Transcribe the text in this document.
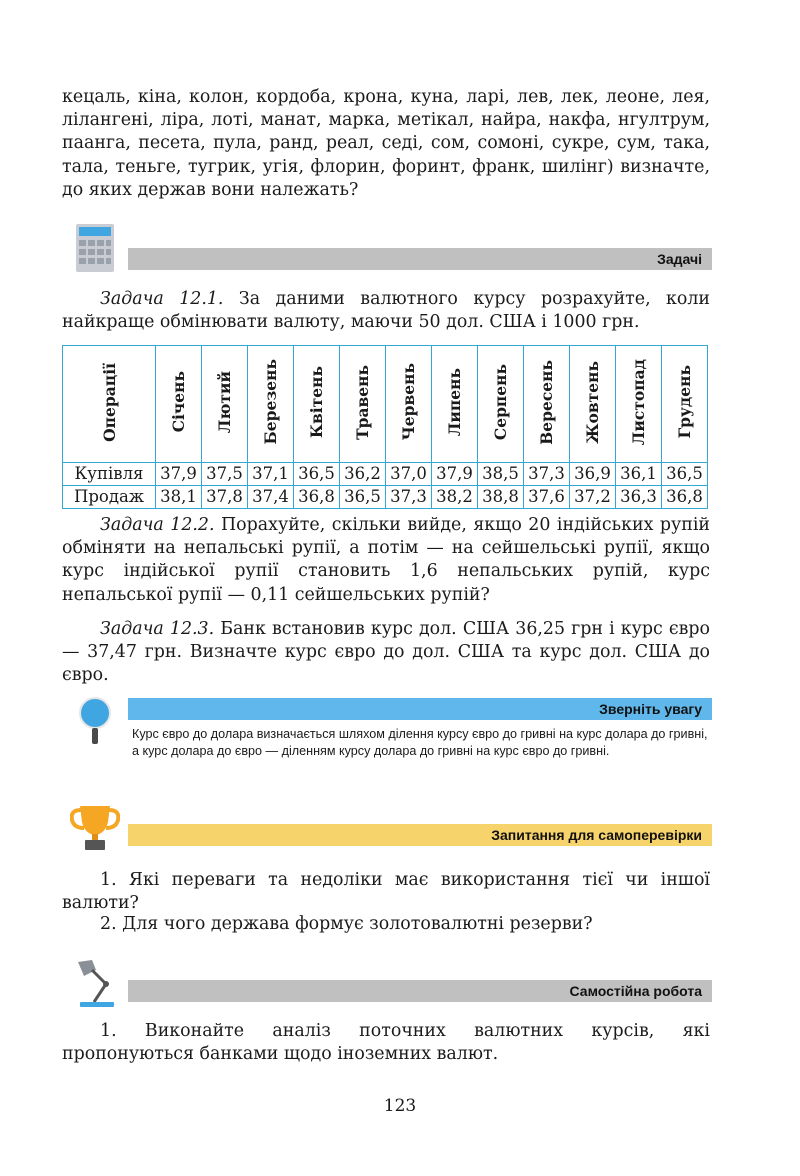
кецаль, кіна, колон, кордоба, крона, куна, ларі, лев, лек, леоне, лея, лілангені, ліра, лоті, манат, марка, метікал, найра, накфа, нгултрум, паанга, песета, пула, ранд, реал, седі, сом, сомоні, сукре, сум, така, тала, теньге, тугрик, угія, флорин, форинт, франк, шилінг) визначте, до яких держав вони належать?

Задачі

Задача 12.1. За даними валютного курсу розрахуйте, коли найкраще обмінювати валюту, маючи 50 дол. США і 1000 грн.

Операції	Січень	Лютий	Березень	Квітень	Травень	Червень	Липень	Серпень	Вересень	Жовтень	Листопад	Грудень
Купівля	37,9	37,5	37,1	36,5	36,2	37,0	37,9	38,5	37,3	36,9	36,1	36,5
Продаж	38,1	37,8	37,4	36,8	36,5	37,3	38,2	38,8	37,6	37,2	36,3	36,8

Задача 12.2. Порахуйте, скільки вийде, якщо 20 індійських рупій обміняти на непальські рупії, а потім — на сейшельські рупії, якщо курс індійської рупії становить 1,6 непальських рупій, курс непальської рупії — 0,11 сейшельських рупій?

Задача 12.3. Банк встановив курс дол. США 36,25 грн і курс євро — 37,47 грн. Визначте курс євро до дол. США та курс дол. США до євро.

Зверніть увагу
Курс євро до долара визначається шляхом ділення курсу євро до гривні на курс долара до гривні, а курс долара до євро — діленням курсу долара до гривні на курс євро до гривні.
Запитання для самоперевірки

1. Які переваги та недоліки має використання тієї чи іншої валюти?

2. Для чого держава формує золотовалютні резерви?

Самостійна робота

1. Виконайте аналіз поточних валютних курсів, які пропонуються банками щодо іноземних валют.

123
